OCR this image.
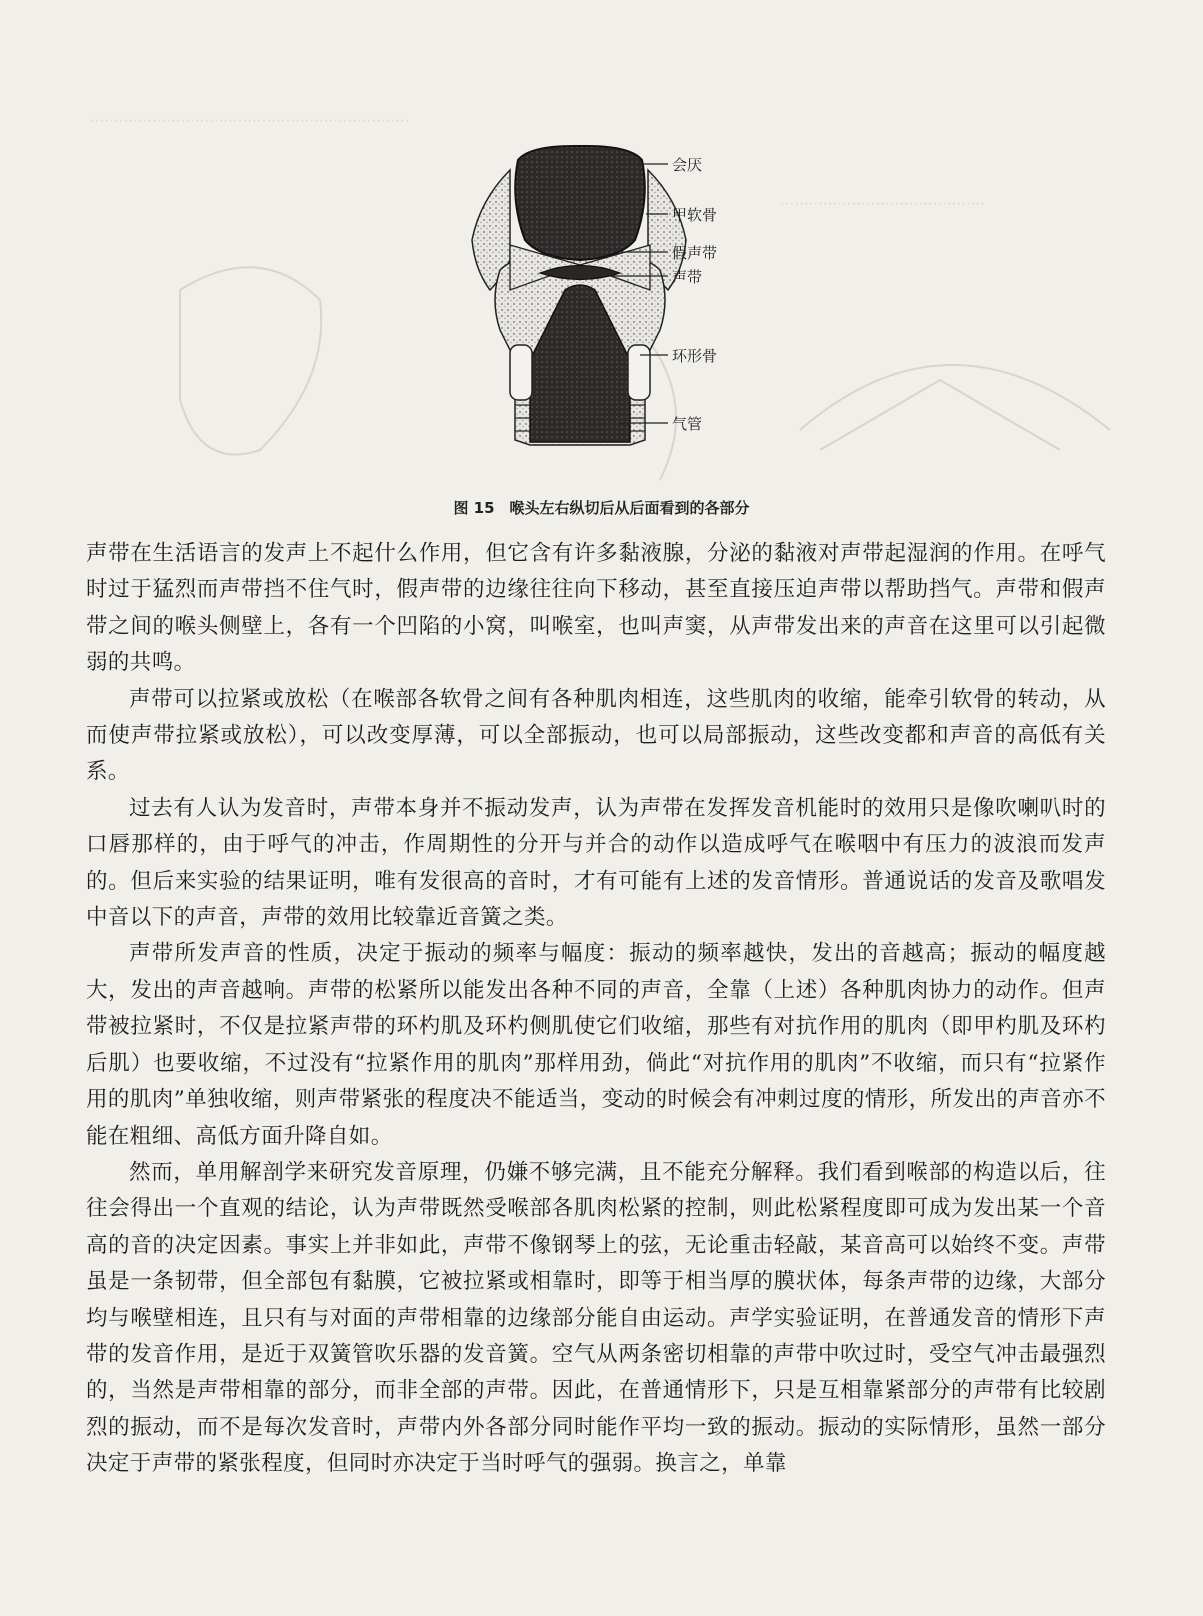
···································································
···········································
会厌
甲软骨
假声带
声带
环形骨
气管
图 15　喉头左右纵切后从后面看到的各部分

声带在生活语言的发声上不起什么作用，但它含有许多黏液腺，分泌的黏液对声带起湿润的作用。在呼气时过于猛烈而声带挡不住气时，假声带的边缘往往向下移动，甚至直接压迫声带以帮助挡气。声带和假声带之间的喉头侧壁上，各有一个凹陷的小窝，叫喉室，也叫声窦，从声带发出来的声音在这里可以引起微弱的共鸣。

声带可以拉紧或放松（在喉部各软骨之间有各种肌肉相连，这些肌肉的收缩，能牵引软骨的转动，从而使声带拉紧或放松），可以改变厚薄，可以全部振动，也可以局部振动，这些改变都和声音的高低有关系。

过去有人认为发音时，声带本身并不振动发声，认为声带在发挥发音机能时的效用只是像吹喇叭时的口唇那样的，由于呼气的冲击，作周期性的分开与并合的动作以造成呼气在喉咽中有压力的波浪而发声的。但后来实验的结果证明，唯有发很高的音时，才有可能有上述的发音情形。普通说话的发音及歌唱发中音以下的声音，声带的效用比较靠近音簧之类。

声带所发声音的性质，决定于振动的频率与幅度：振动的频率越快，发出的音越高；振动的幅度越大，发出的声音越响。声带的松紧所以能发出各种不同的声音，全靠（上述）各种肌肉协力的动作。但声带被拉紧时，不仅是拉紧声带的环杓肌及环杓侧肌使它们收缩，那些有对抗作用的肌肉（即甲杓肌及环杓后肌）也要收缩，不过没有“拉紧作用的肌肉”那样用劲，倘此“对抗作用的肌肉”不收缩，而只有“拉紧作用的肌肉”单独收缩，则声带紧张的程度决不能适当，变动的时候会有冲刺过度的情形，所发出的声音亦不能在粗细、高低方面升降自如。

然而，单用解剖学来研究发音原理，仍嫌不够完满，且不能充分解释。我们看到喉部的构造以后，往往会得出一个直观的结论，认为声带既然受喉部各肌肉松紧的控制，则此松紧程度即可成为发出某一个音高的音的决定因素。事实上并非如此，声带不像钢琴上的弦，无论重击轻敲，某音高可以始终不变。声带虽是一条韧带，但全部包有黏膜，它被拉紧或相靠时，即等于相当厚的膜状体，每条声带的边缘，大部分均与喉壁相连，且只有与对面的声带相靠的边缘部分能自由运动。声学实验证明，在普通发音的情形下声带的发音作用，是近于双簧管吹乐器的发音簧。空气从两条密切相靠的声带中吹过时，受空气冲击最强烈的，当然是声带相靠的部分，而非全部的声带。因此，在普通情形下，只是互相靠紧部分的声带有比较剧烈的振动，而不是每次发音时，声带内外各部分同时能作平均一致的振动。振动的实际情形，虽然一部分决定于声带的紧张程度，但同时亦决定于当时呼气的强弱。换言之，单靠
